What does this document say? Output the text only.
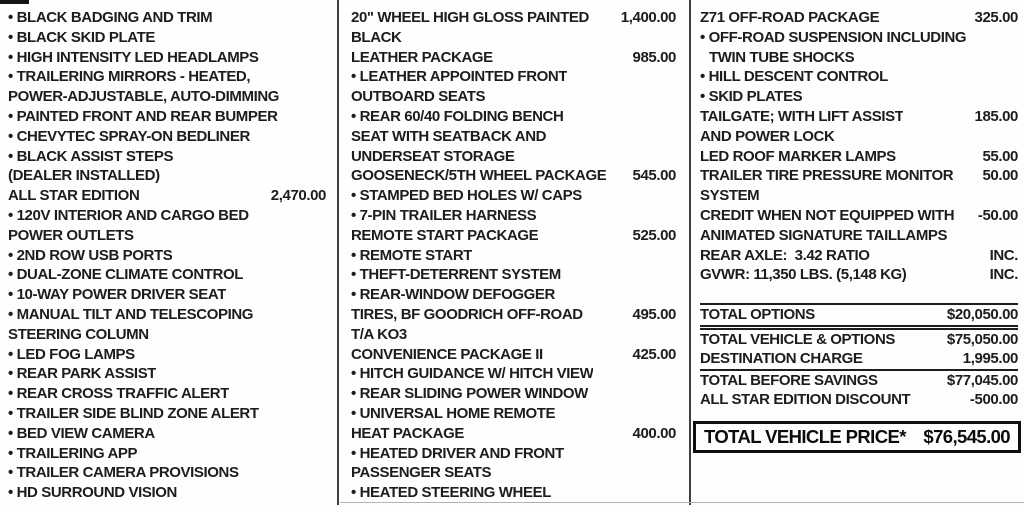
• BLACK BADGING AND TRIM
• BLACK SKID PLATE
• HIGH INTENSITY LED HEADLAMPS
• TRAILERING MIRRORS - HEATED,
POWER-ADJUSTABLE, AUTO-DIMMING
• PAINTED FRONT AND REAR BUMPER
• CHEVYTEC SPRAY-ON BEDLINER
• BLACK ASSIST STEPS
(DEALER INSTALLED)
ALL STAR EDITION	2,470.00
• 120V INTERIOR AND CARGO BED
POWER OUTLETS
• 2ND ROW USB PORTS
• DUAL-ZONE CLIMATE CONTROL
• 10-WAY POWER DRIVER SEAT
• MANUAL TILT AND TELESCOPING
STEERING COLUMN
• LED FOG LAMPS
• REAR PARK ASSIST
• REAR CROSS TRAFFIC ALERT
• TRAILER SIDE BLIND ZONE ALERT
• BED VIEW CAMERA
• TRAILERING APP
• TRAILER CAMERA PROVISIONS
• HD SURROUND VISION
20" WHEEL HIGH GLOSS PAINTED 1,400.00
BLACK
LEATHER PACKAGE	985.00
• LEATHER APPOINTED FRONT
OUTBOARD SEATS
• REAR 60/40 FOLDING BENCH
SEAT WITH SEATBACK AND
UNDERSEAT STORAGE
GOOSENECK/5TH WHEEL PACKAGE 545.00
• STAMPED BED HOLES W/ CAPS
• 7-PIN TRAILER HARNESS
REMOTE START PACKAGE	525.00
• REMOTE START
• THEFT-DETERRENT SYSTEM
• REAR-WINDOW DEFOGGER
TIRES, BF GOODRICH OFF-ROAD	495.00
T/A KO3
CONVENIENCE PACKAGE II	425.00
• HITCH GUIDANCE W/ HITCH VIEW
• REAR SLIDING POWER WINDOW
• UNIVERSAL HOME REMOTE
HEAT PACKAGE	400.00
• HEATED DRIVER AND FRONT
PASSENGER SEATS
• HEATED STEERING WHEEL
Z71 OFF-ROAD PACKAGE	325.00
• OFF-ROAD SUSPENSION INCLUDING
TWIN TUBE SHOCKS
• HILL DESCENT CONTROL
• SKID PLATES
TAILGATE; WITH LIFT ASSIST	185.00
AND POWER LOCK
LED ROOF MARKER LAMPS	55.00
TRAILER TIRE PRESSURE MONITOR 50.00
SYSTEM
CREDIT WHEN NOT EQUIPPED WITH -50.00
ANIMATED SIGNATURE TAILLAMPS
REAR AXLE:  3.42 RATIO	INC.
GVWR: 11,350 LBS. (5,148 KG)	INC.
TOTAL OPTIONS	$20,050.00
TOTAL VEHICLE & OPTIONS	$75,050.00
DESTINATION CHARGE	1,995.00
TOTAL BEFORE SAVINGS	$77,045.00
ALL STAR EDITION DISCOUNT	-500.00
TOTAL VEHICLE PRICE* $76,545.00
